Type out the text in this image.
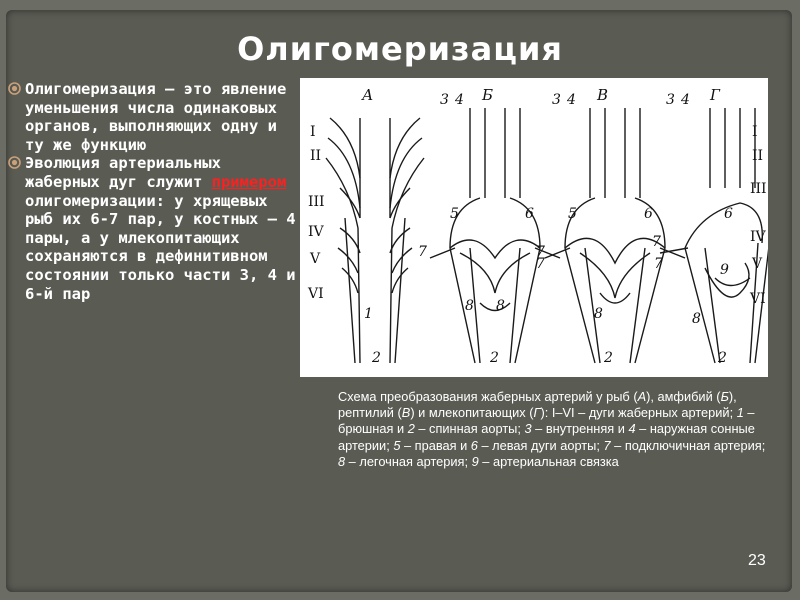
Олигомеризация
Олигомеризация – это явление уменьшения числа одинаковых органов, выполняющих одну и ту же функцию
Эволюция артериальных жаберных дуг служит примером олигомеризации: у хрящевых рыб их 6-7 пар, у костных – 4 пары, а у млекопитающих сохраняются в дефинитивном состоянии только части 3, 4 и 6-й пар
А	Б	В	Г
I
II
III
IV
V
VI
I
II
III
IV
V
VI
1
2
3 4
5	6
7
7
8 8
2
3 4
5	6
7
7
8
2
3 4
6
7
9
8
2
Схема преобразования жаберных артерий у рыб (А), амфибий (Б), рептилий (В) и млекопитающих (Г): I–VI – дуги жаберных артерий; 1 – брюшная и 2 – спинная аорты; 3 – внутренняя и 4 – наружная сонные артерии; 5 – правая и 6 – левая дуги аорты; 7 – подключичная артерия; 8 – легочная артерия; 9 – артериальная связка
23
